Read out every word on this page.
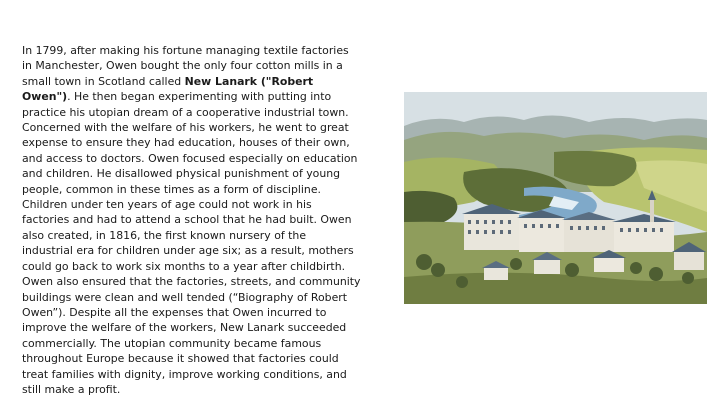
In 1799, after making his fortune managing textile factories
in Manchester, Owen bought the only four cotton mills in a
small town in Scotland called New Lanark ("Robert
Owen"). He then began experimenting with putting into
practice his utopian dream of a cooperative industrial town.
Concerned with the welfare of his workers, he went to great
expense to ensure they had education, houses of their own,
and access to doctors. Owen focused especially on education
and children. He disallowed physical punishment of young
people, common in these times as a form of discipline.
Children under ten years of age could not work in his
factories and had to attend a school that he had built. Owen
also created, in 1816, the first known nursery of the
industrial era for children under age six; as a result, mothers
could go back to work six months to a year after childbirth.
Owen also ensured that the factories, streets, and community
buildings were clean and well tended (“Biography of Robert
Owen”). Despite all the expenses that Owen incurred to
improve the welfare of the workers, New Lanark succeeded
commercially. The utopian community became famous
throughout Europe because it showed that factories could
treat families with dignity, improve working conditions, and
still make a profit.
